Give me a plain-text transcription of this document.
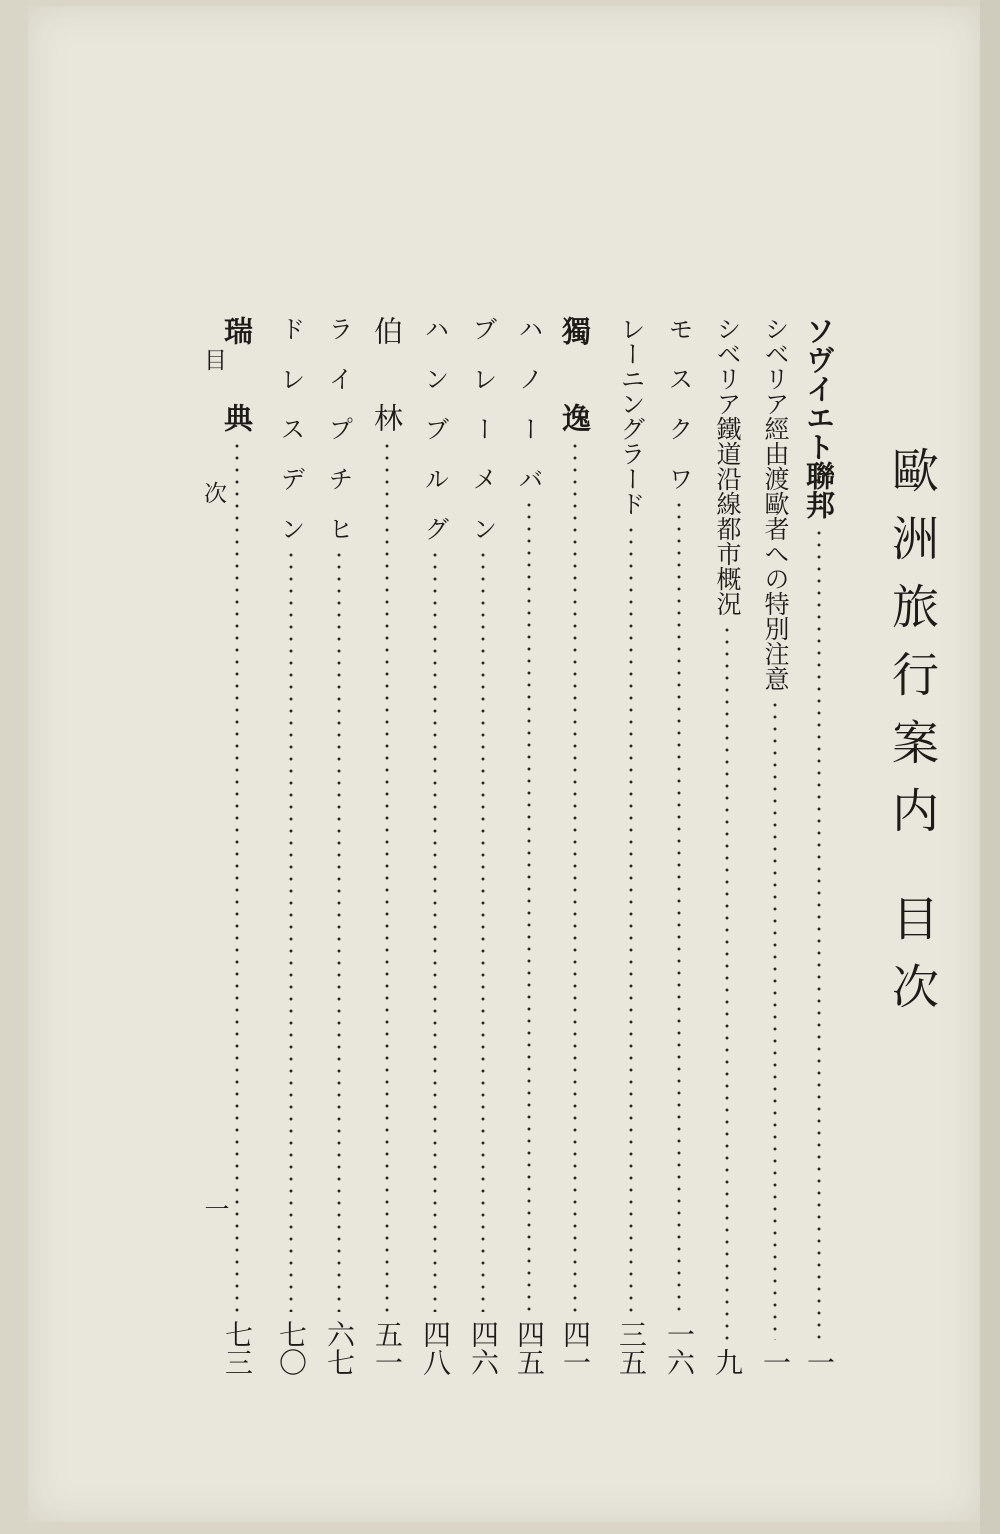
歐洲旅行案内
目次
ソヴイエト聯邦
一
シベリア經由渡歐者への特別注意
一
シベリア鐵道沿線都市概況
九
モ　ス　ク　ワ
一六
レーニングラード
三五
獨　　逸
四一
ハ　ノ　ー　バ
四五
ブ　レ　ー　メ　ン
四六
ハ　ン　ブ　ル　グ
四八
伯　　林
五一
ラ　イ　プ　チ　ヒ
六七
ド　レ　ス　デ　ン
七〇
瑞　　典
七三
目次
一
